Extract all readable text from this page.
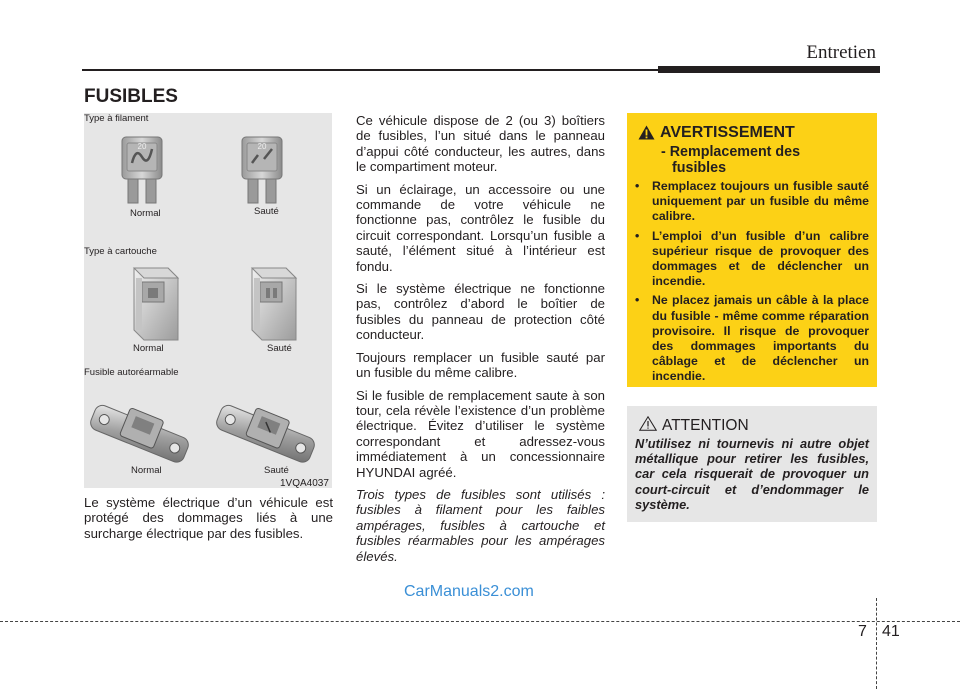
Entretien
FUSIBLES
20	20
Type à filament
Normal	Sauté
Type à cartouche
Normal	Sauté
Fusible autoréarmable
Normal	Sauté
1VQA4037

Le système électrique d’un véhicule est protégé des dommages liés à une surcharge électrique par des fusibles.

Ce véhicule dispose de 2 (ou 3) boîtiers de fusibles, l’un situé dans le panneau d’appui côté conducteur, les autres, dans le compartiment moteur.

Si un éclairage, un accessoire ou une commande de votre véhicule ne fonctionne pas, contrôlez le fusible du circuit correspondant. Lorsqu’un fusible a sauté, l’élément situé à l’intérieur est fondu.

Si le système électrique ne fonctionne pas, contrôlez d’abord le boîtier de fusibles du panneau de protection côté conducteur.

Toujours remplacer un fusible sauté par un fusible du même calibre.

Si le fusible de remplacement saute à son tour, cela révèle l’existence d’un problème électrique. Évitez d’utiliser le système correspondant et adressez-vous immédiatement à un concessionnaire HYUNDAI agréé.

Trois types de fusibles sont utilisés : fusibles à filament pour les faibles ampérages, fusibles à cartouche et fusibles réarmables pour les ampérages élevés.

AVERTISSEMENT
- Remplacement des
fusibles
• Remplacez toujours un fusible sauté uniquement par un fusible du même calibre.
• L’emploi d’un fusible d’un calibre supérieur risque de provoquer des dommages et de déclencher un incendie.
• Ne placez jamais un câble à la place du fusible - même comme réparation provisoire. Il risque de provoquer des dommages importants du câblage et de déclencher un incendie.
ATTENTION
N’utilisez ni tournevis ni autre objet métallique pour retirer les fusibles, car cela risquerait de provoquer un court-circuit et d’endommager le système.
CarManuals2.com
7 41
